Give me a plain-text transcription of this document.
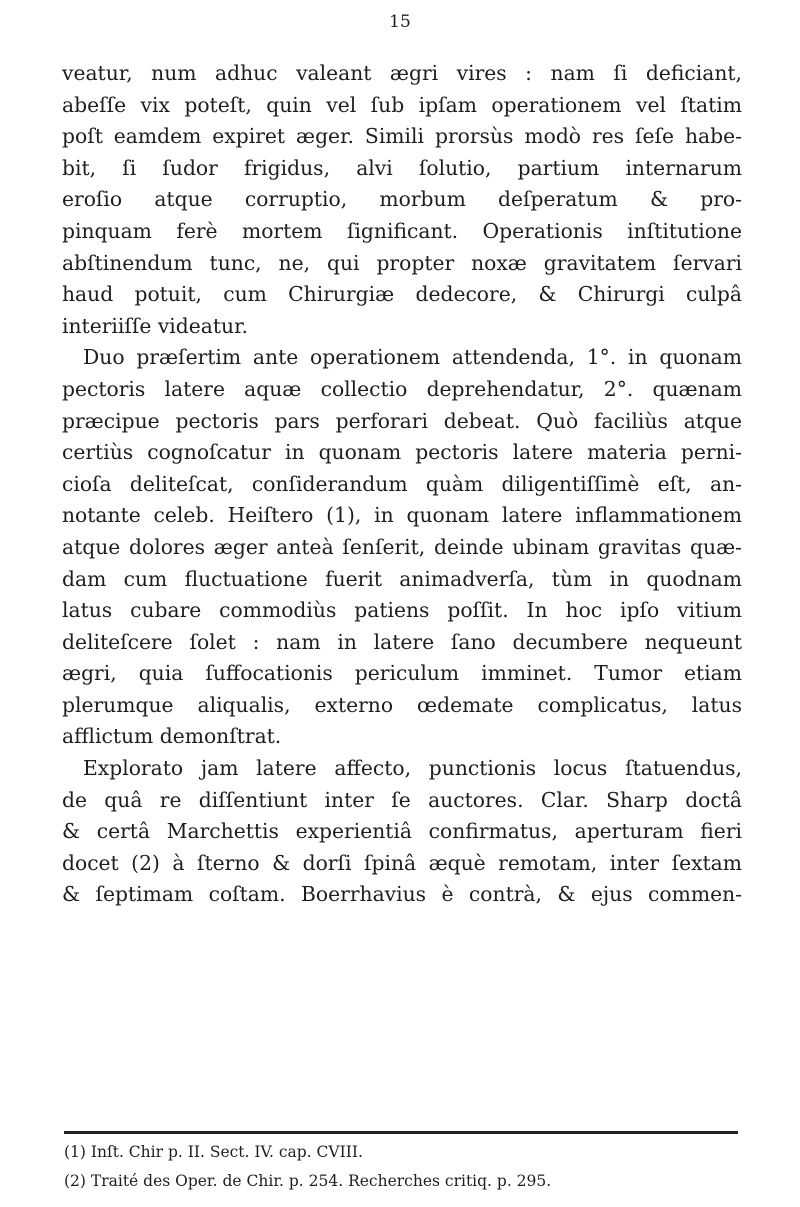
15
veatur, num adhuc valeant ægri vires : nam ſi deficiant,
abeſſe vix poteſt, quin vel ſub ipſam operationem vel ſtatim
poſt eamdem expiret æger. Simili prorsùs modò res ſeſe habe-
bit, ſi ſudor frigidus, alvi ſolutio, partium internarum
eroſio atque corruptio, morbum deſperatum & pro-
pinquam ferè mortem ſignificant. Operationis inſtitutione
abſtinendum tunc, ne, qui propter noxæ gravitatem ſervari
haud potuit, cum Chirurgiæ dedecore, & Chirurgi culpâ
interiiſſe videatur.
Duo præſertim ante operationem attendenda, 1°. in quonam
pectoris latere aquæ collectio deprehendatur, 2°. quænam
præcipue pectoris pars perforari debeat. Quò faciliùs atque
certiùs cognoſcatur in quonam pectoris latere materia perni-
cioſa delitеſcat, conſiderandum quàm diligentiſſimè eſt, an-
notante celeb. Heiſtero (1), in quonam latere inflammationem
atque dolores æger anteà ſenſerit, deinde ubinam gravitas quæ-
dam cum fluctuatione fuerit animadverſa, tùm in quodnam
latus cubare commodiùs patiens poſſit. In hoc ipſo vitium
delitеſcere ſolet : nam in latere ſano decumbere nequeunt
ægri, quia ſuffocationis periculum imminet. Tumor etiam
plerumque aliqualis, externo œdemate complicatus, latus
afflictum demonſtrat.
Explorato jam latere affecto, punctionis locus ſtatuendus,
de quâ re diſſentiunt inter ſe auctores. Clar. Sharp doctâ
& certâ Marchettis experientiâ confirmatus, aperturam fieri
docet (2) à ſterno & dorſi ſpinâ æquè remotam, inter ſextam
& ſeptimam coſtam. Boerrhavius è contrà, & ejus commen-
(1) Inſt. Chir p. II. Sect. IV. cap. CVIII.
(2) Traité des Oper. de Chir. p. 254. Recherches critiq. p. 295.
